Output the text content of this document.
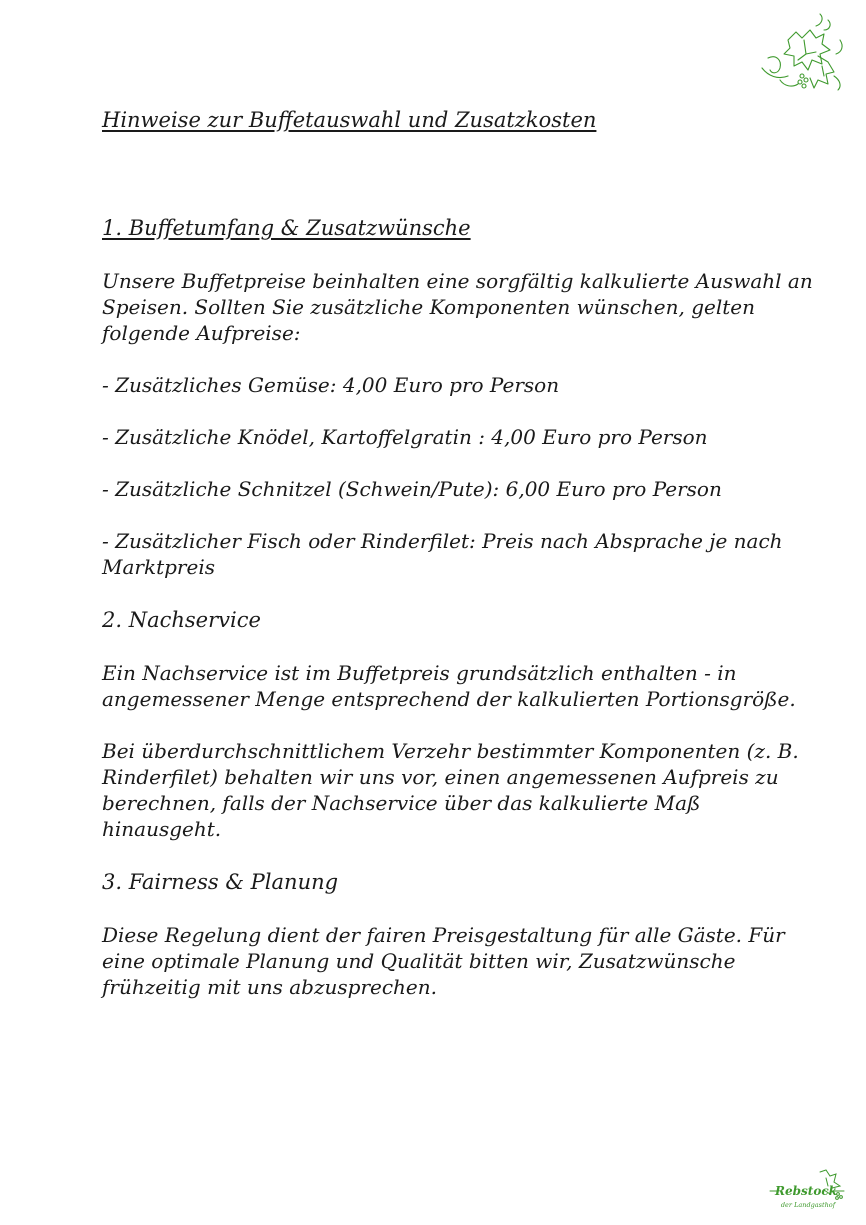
Hinweise zur Buffetauswahl und Zusatzkosten
1. Buffetumfang & Zusatzwünsche

Unsere Buffetpreise beinhalten eine sorgfältig kalkulierte Auswahl an Speisen. Sollten Sie zusätzliche Komponenten wünschen, gelten folgende Aufpreise:

- Zusätzliches Gemüse: 4,00 Euro pro Person

- Zusätzliche Knödel, Kartoffelgratin : 4,00 Euro pro Person

- Zusätzliche Schnitzel (Schwein/Pute): 6,00 Euro pro Person

- Zusätzlicher Fisch oder Rinderfilet: Preis nach Absprache je nach Marktpreis

2. Nachservice

Ein Nachservice ist im Buffetpreis grundsätzlich enthalten - in angemessener Menge entsprechend der kalkulierten Portionsgröße.

Bei überdurchschnittlichem Verzehr bestimmter Komponenten (z. B. Rinderfilet) behalten wir uns vor, einen angemessenen Aufpreis zu berechnen, falls der Nachservice über das kalkulierte Maß hinausgeht.

3. Fairness & Planung

Diese Regelung dient der fairen Preisgestaltung für alle Gäste. Für eine optimale Planung und Qualität bitten wir, Zusatzwünsche frühzeitig mit uns abzusprechen.

Rebstock
der Landgasthof
